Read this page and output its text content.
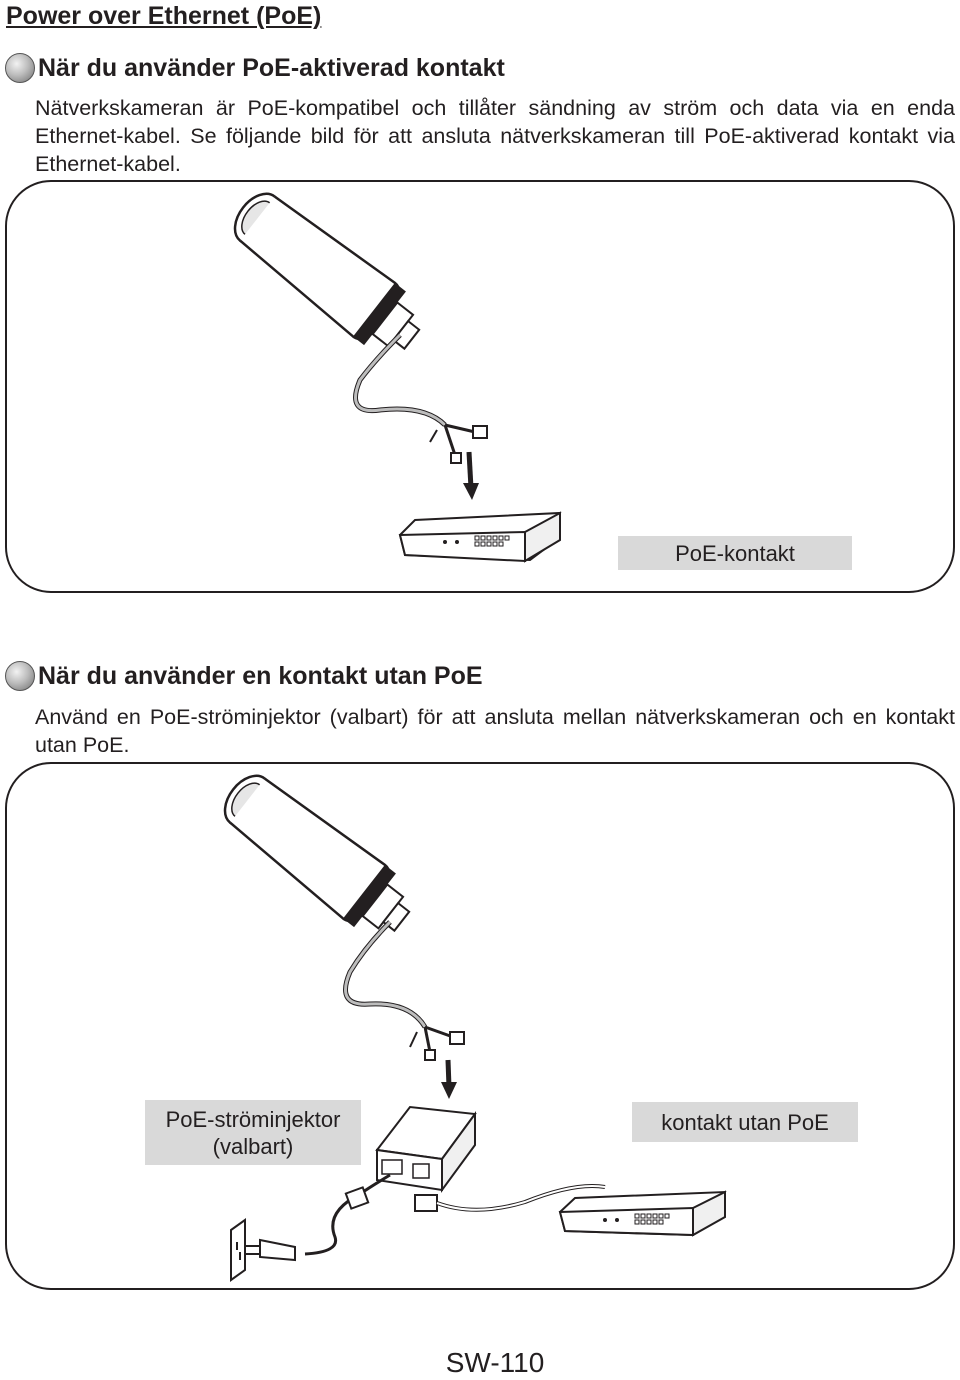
Power over Ethernet (PoE)
När du använder PoE-aktiverad kontakt
Nätverkskameran är PoE-kompatibel och tillåter sändning av ström och data via en enda Ethernet-kabel. Se följande bild för att ansluta nätverkskameran till PoE-aktiverad kontakt via Ethernet-kabel.
PoE-kontakt
När du använder en kontakt utan PoE
Använd en PoE-ströminjektor (valbart) för att ansluta mellan nätverkskameran och en kontakt utan PoE.
PoE-ströminjektor
(valbart)
kontakt utan PoE
SW-110
